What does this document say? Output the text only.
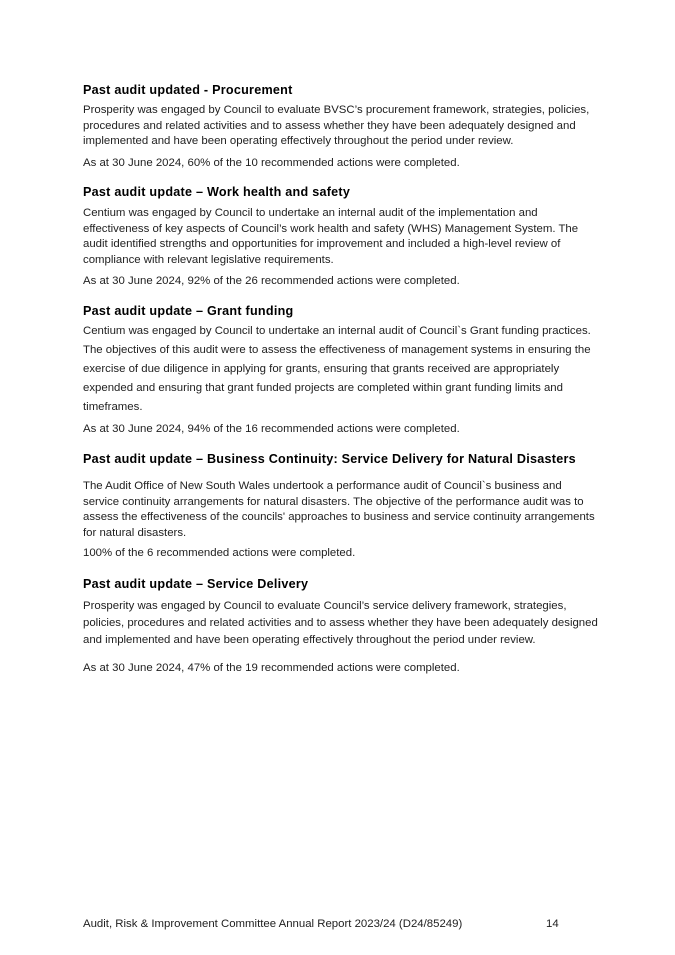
Past audit updated - Procurement

Prosperity was engaged by Council to evaluate BVSC’s procurement framework, strategies, policies, procedures and related activities and to assess whether they have been adequately designed and implemented and have been operating effectively throughout the period under review.

As at 30 June 2024, 60% of the 10 recommended actions were completed.

Past audit update – Work health and safety

Centium was engaged by Council to undertake an internal audit of the implementation and effectiveness of key aspects of Council’s work health and safety (WHS) Management System. The audit identified strengths and opportunities for improvement and included a high-level review of compliance with relevant legislative requirements.

As at 30 June 2024, 92% of the 26 recommended actions were completed.

Past audit update – Grant funding

Centium was engaged by Council to undertake an internal audit of Council`s Grant funding practices. The objectives of this audit were to assess the effectiveness of management systems in ensuring the exercise of due diligence in applying for grants, ensuring that grants received are appropriately expended and ensuring that grant funded projects are completed within grant funding limits and timeframes.

As at 30 June 2024, 94% of the 16 recommended actions were completed.

Past audit update – Business Continuity: Service Delivery for Natural Disasters

The Audit Office of New South Wales undertook a performance audit of Council`s business and service continuity arrangements for natural disasters. The objective of the performance audit was to assess the effectiveness of the councils' approaches to business and service continuity arrangements for natural disasters.

100% of the 6 recommended actions were completed.

Past audit update – Service Delivery

Prosperity was engaged by Council to evaluate Council’s service delivery framework, strategies, policies, procedures and related activities and to assess whether they have been adequately designed and implemented and have been operating effectively throughout the period under review.

As at 30 June 2024, 47% of the 19 recommended actions were completed.

Audit, Risk & Improvement Committee Annual Report 2023/24 (D24/85249)	14
